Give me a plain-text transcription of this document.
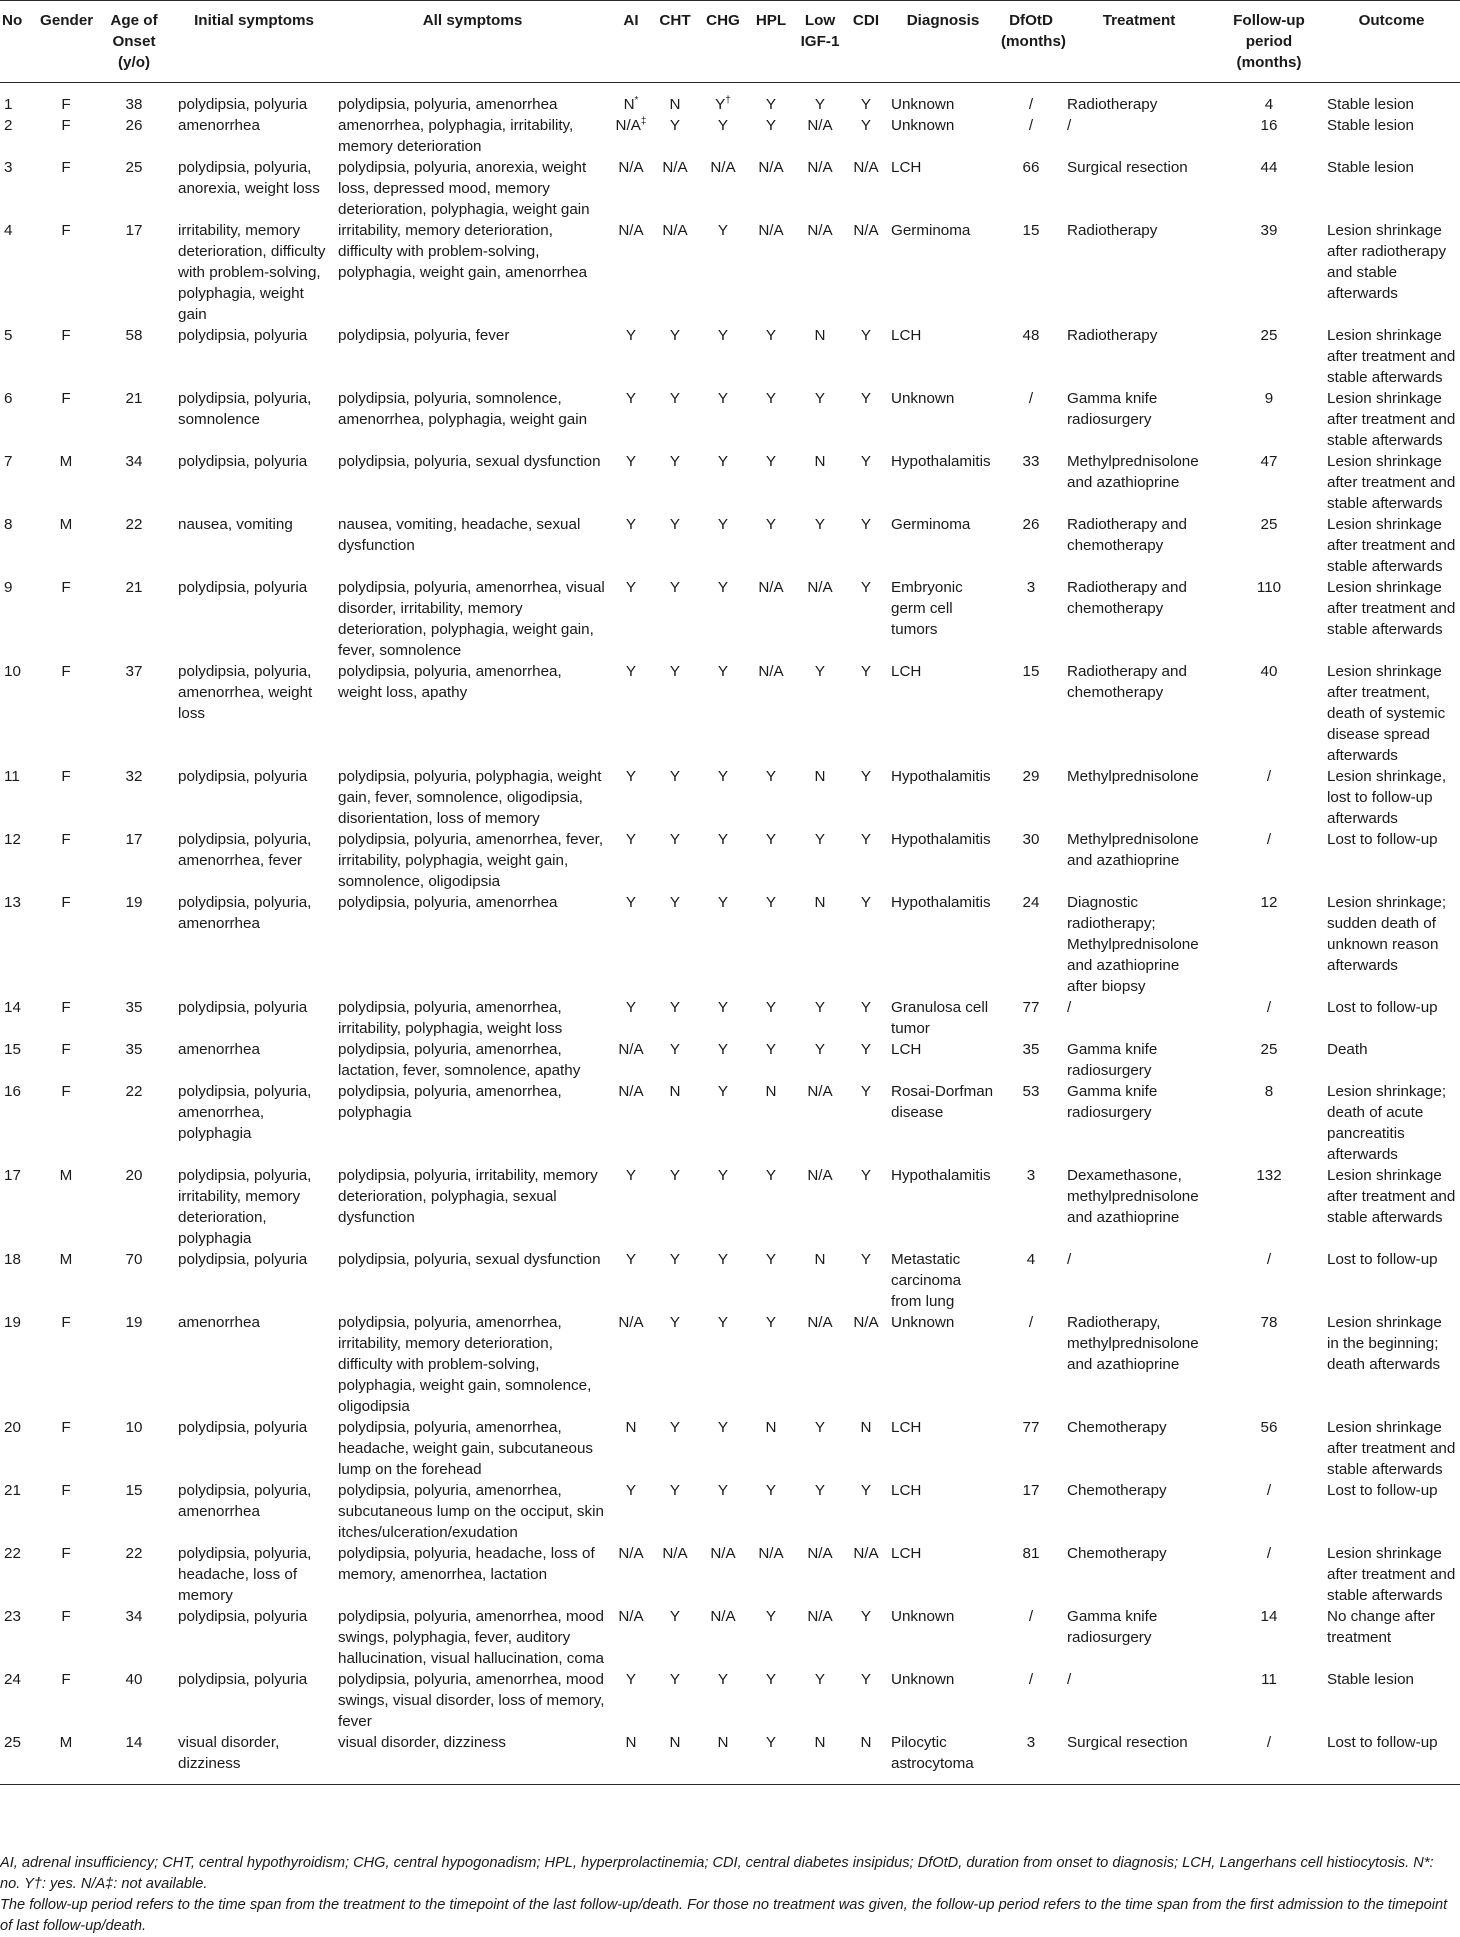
No	Gender	Age of Onset (y/o)	Initial symptoms	All symptoms	AI	CHT	CHG	HPL	Low IGF-1	CDI	Diagnosis	DfOtD (months)	Treatment	Follow-up period (months)	Outcome
1	F	38	polydipsia, polyuria	polydipsia, polyuria, amenorrhea	N*	N	Y†	Y	Y	Y	Unknown	/	Radiotherapy	4	Stable lesion
2	F	26	amenorrhea	amenorrhea, polyphagia, irritability, memory deterioration	N/A‡	Y	Y	Y	N/A	Y	Unknown	/	/	16	Stable lesion
3	F	25	polydipsia, polyuria, anorexia, weight loss	polydipsia, polyuria, anorexia, weight loss, depressed mood, memory deterioration, polyphagia, weight gain	N/A	N/A	N/A	N/A	N/A	N/A	LCH	66	Surgical resection	44	Stable lesion
4	F	17	irritability, memory deterioration, difficulty with problem-solving, polyphagia, weight gain	irritability, memory deterioration, difficulty with problem-solving, polyphagia, weight gain, amenorrhea	N/A	N/A	Y	N/A	N/A	N/A	Germinoma	15	Radiotherapy	39	Lesion shrinkage after radiotherapy and stable afterwards
5	F	58	polydipsia, polyuria	polydipsia, polyuria, fever	Y	Y	Y	Y	N	Y	LCH	48	Radiotherapy	25	Lesion shrinkage after treatment and stable afterwards
6	F	21	polydipsia, polyuria, somnolence	polydipsia, polyuria, somnolence, amenorrhea, polyphagia, weight gain	Y	Y	Y	Y	Y	Y	Unknown	/	Gamma knife radiosurgery	9	Lesion shrinkage after treatment and stable afterwards
7	M	34	polydipsia, polyuria	polydipsia, polyuria, sexual dysfunction	Y	Y	Y	Y	N	Y	Hypothalamitis	33	Methylprednisolone and azathioprine	47	Lesion shrinkage after treatment and stable afterwards
8	M	22	nausea, vomiting	nausea, vomiting, headache, sexual dysfunction	Y	Y	Y	Y	Y	Y	Germinoma	26	Radiotherapy and chemotherapy	25	Lesion shrinkage after treatment and stable afterwards
9	F	21	polydipsia, polyuria	polydipsia, polyuria, amenorrhea, visual disorder, irritability, memory deterioration, polyphagia, weight gain, fever, somnolence	Y	Y	Y	N/A	N/A	Y	Embryonic germ cell tumors	3	Radiotherapy and chemotherapy	110	Lesion shrinkage after treatment and stable afterwards
10	F	37	polydipsia, polyuria, amenorrhea, weight loss	polydipsia, polyuria, amenorrhea, weight loss, apathy	Y	Y	Y	N/A	Y	Y	LCH	15	Radiotherapy and chemotherapy	40	Lesion shrinkage after treatment, death of systemic disease spread afterwards
11	F	32	polydipsia, polyuria	polydipsia, polyuria, polyphagia, weight gain, fever, somnolence, oligodipsia, disorientation, loss of memory	Y	Y	Y	Y	N	Y	Hypothalamitis	29	Methylprednisolone	/	Lesion shrinkage, lost to follow-up afterwards
12	F	17	polydipsia, polyuria, amenorrhea, fever	polydipsia, polyuria, amenorrhea, fever, irritability, polyphagia, weight gain, somnolence, oligodipsia	Y	Y	Y	Y	Y	Y	Hypothalamitis	30	Methylprednisolone and azathioprine	/	Lost to follow-up
13	F	19	polydipsia, polyuria, amenorrhea	polydipsia, polyuria, amenorrhea	Y	Y	Y	Y	N	Y	Hypothalamitis	24	Diagnostic radiotherapy; Methylprednisolone and azathioprine after biopsy	12	Lesion shrinkage; sudden death of unknown reason afterwards
14	F	35	polydipsia, polyuria	polydipsia, polyuria, amenorrhea, irritability, polyphagia, weight loss	Y	Y	Y	Y	Y	Y	Granulosa cell tumor	77	/	/	Lost to follow-up
15	F	35	amenorrhea	polydipsia, polyuria, amenorrhea, lactation, fever, somnolence, apathy	N/A	Y	Y	Y	Y	Y	LCH	35	Gamma knife radiosurgery	25	Death
16	F	22	polydipsia, polyuria, amenorrhea, polyphagia	polydipsia, polyuria, amenorrhea, polyphagia	N/A	N	Y	N	N/A	Y	Rosai-Dorfman disease	53	Gamma knife radiosurgery	8	Lesion shrinkage; death of acute pancreatitis afterwards
17	M	20	polydipsia, polyuria, irritability, memory deterioration, polyphagia	polydipsia, polyuria, irritability, memory deterioration, polyphagia, sexual dysfunction	Y	Y	Y	Y	N/A	Y	Hypothalamitis	3	Dexamethasone, methylprednisolone and azathioprine	132	Lesion shrinkage after treatment and stable afterwards
18	M	70	polydipsia, polyuria	polydipsia, polyuria, sexual dysfunction	Y	Y	Y	Y	N	Y	Metastatic carcinoma from lung	4	/	/	Lost to follow-up
19	F	19	amenorrhea	polydipsia, polyuria, amenorrhea, irritability, memory deterioration, difficulty with problem-solving, polyphagia, weight gain, somnolence, oligodipsia	N/A	Y	Y	Y	N/A	N/A	Unknown	/	Radiotherapy, methylprednisolone and azathioprine	78	Lesion shrinkage in the beginning; death afterwards
20	F	10	polydipsia, polyuria	polydipsia, polyuria, amenorrhea, headache, weight gain, subcutaneous lump on the forehead	N	Y	Y	N	Y	N	LCH	77	Chemotherapy	56	Lesion shrinkage after treatment and stable afterwards
21	F	15	polydipsia, polyuria, amenorrhea	polydipsia, polyuria, amenorrhea, subcutaneous lump on the occiput, skin itches/ulceration/exudation	Y	Y	Y	Y	Y	Y	LCH	17	Chemotherapy	/	Lost to follow-up
22	F	22	polydipsia, polyuria, headache, loss of memory	polydipsia, polyuria, headache, loss of memory, amenorrhea, lactation	N/A	N/A	N/A	N/A	N/A	N/A	LCH	81	Chemotherapy	/	Lesion shrinkage after treatment and stable afterwards
23	F	34	polydipsia, polyuria	polydipsia, polyuria, amenorrhea, mood swings, polyphagia, fever, auditory hallucination, visual hallucination, coma	N/A	Y	N/A	Y	N/A	Y	Unknown	/	Gamma knife radiosurgery	14	No change after treatment
24	F	40	polydipsia, polyuria	polydipsia, polyuria, amenorrhea, mood swings, visual disorder, loss of memory, fever	Y	Y	Y	Y	Y	Y	Unknown	/	/	11	Stable lesion
25	M	14	visual disorder, dizziness	visual disorder, dizziness	N	N	N	Y	N	N	Pilocytic astrocytoma	3	Surgical resection	/	Lost to follow-up

AI, adrenal insufficiency; CHT, central hypothyroidism; CHG, central hypogonadism; HPL, hyperprolactinemia; CDI, central diabetes insipidus; DfOtD, duration from onset to diagnosis; LCH, Langerhans cell histiocytosis. N*: no. Y†: yes. N/A‡: not available.

The follow-up period refers to the time span from the treatment to the timepoint of the last follow-up/death. For those no treatment was given, the follow-up period refers to the time span from the first admission to the timepoint of last follow-up/death.
